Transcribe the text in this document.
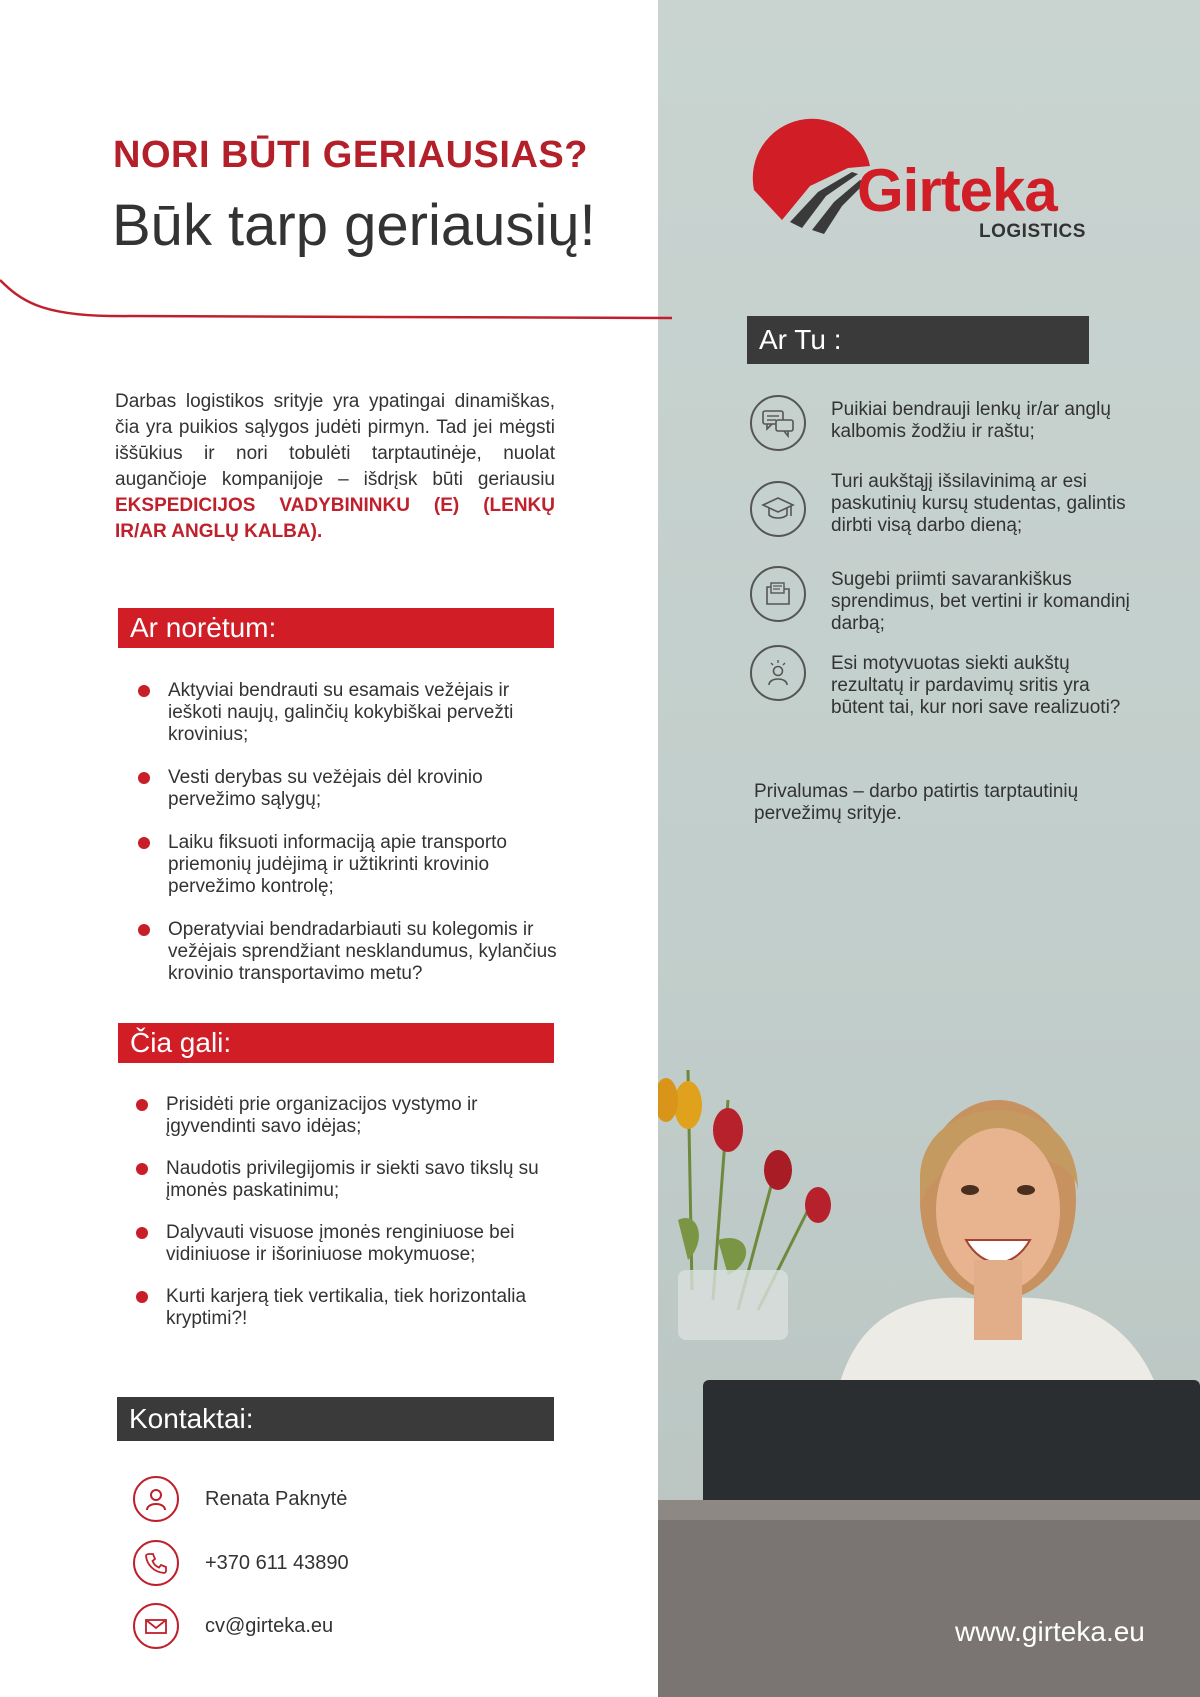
NORI BŪTI GERIAUSIAS?
Būk tarp geriausių!

Darbas logistikos srityje yra ypatingai dinamiškas, čia yra puikios sąlygos judėti pirmyn. Tad jei mėgsti iššūkius ir nori tobulėti tarptautinėje, nuolat augančioje kompanijoje – išdrįsk būti geriausiu EKSPEDICIJOS VADYBININKU (E) (LENKŲ IR/AR ANGLŲ KALBA).

Ar norėtum:
Aktyviai bendrauti su esamais vežėjais ir ieškoti naujų, galinčių kokybiškai pervežti krovinius;
Vesti derybas su vežėjais dėl krovinio pervežimo sąlygų;
Laiku fiksuoti informaciją apie transporto priemonių judėjimą ir užtikrinti krovinio pervežimo kontrolę;
Operatyviai bendradarbiauti su kolegomis ir vežėjais sprendžiant nesklandumus, kylančius krovinio transportavimo metu?
Čia gali:
Prisidėti prie organizacijos vystymo ir įgyvendinti savo idėjas;
Naudotis privilegijomis ir siekti savo tikslų su įmonės paskatinimu;
Dalyvauti visuose įmonės renginiuose bei vidiniuose ir išoriniuose mokymuose;
Kurti karjerą tiek vertikalia, tiek horizontalia kryptimi?!
Kontaktai:
Renata Paknytė
+370 611 43890
cv@girteka.eu
Girteka
LOGISTICS
Ar Tu :
Puikiai bendrauji lenkų ir/ar anglų kalbomis žodžiu ir raštu;
Turi aukštąjį išsilavinimą ar esi paskutinių kursų studentas, galintis dirbti visą darbo dieną;
Sugebi priimti savarankiškus sprendimus, bet vertini ir komandinį darbą;
Esi motyvuotas siekti aukštų rezultatų ir pardavimų sritis yra būtent tai, kur nori save realizuoti?
Privalumas – darbo patirtis tarptautinių pervežimų srityje.
www.girteka.eu
